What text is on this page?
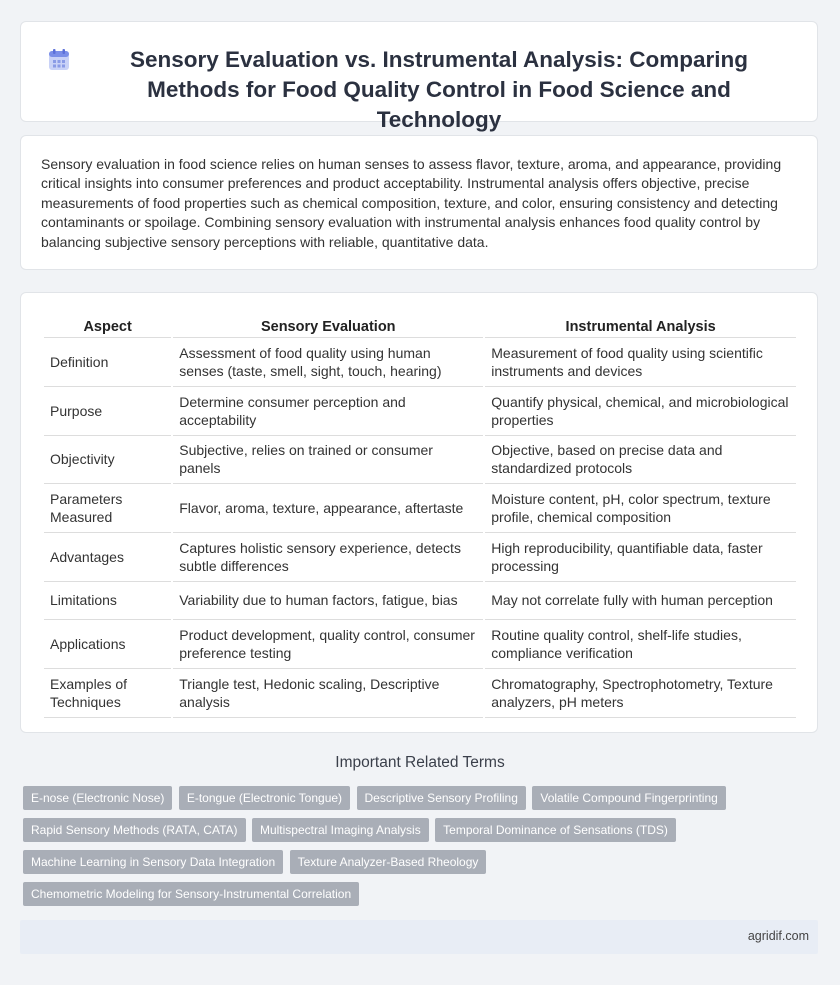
Sensory Evaluation vs. Instrumental Analysis: Comparing Methods for Food Quality Control in Food Science and Technology
Sensory evaluation in food science relies on human senses to assess flavor, texture, aroma, and appearance, providing critical insights into consumer preferences and product acceptability. Instrumental analysis offers objective, precise measurements of food properties such as chemical composition, texture, and color, ensuring consistency and detecting contaminants or spoilage. Combining sensory evaluation with instrumental analysis enhances food quality control by balancing subjective sensory perceptions with reliable, quantitative data.
Aspect	Sensory Evaluation	Instrumental Analysis
Definition	Assessment of food quality using human senses (taste, smell, sight, touch, hearing)	Measurement of food quality using scientific instruments and devices
Purpose	Determine consumer perception and acceptability	Quantify physical, chemical, and microbiological properties
Objectivity	Subjective, relies on trained or consumer panels	Objective, based on precise data and standardized protocols
Parameters Measured	Flavor, aroma, texture, appearance, aftertaste	Moisture content, pH, color spectrum, texture profile, chemical composition
Advantages	Captures holistic sensory experience, detects subtle differences	High reproducibility, quantifiable data, faster processing
Limitations	Variability due to human factors, fatigue, bias	May not correlate fully with human perception
Applications	Product development, quality control, consumer preference testing	Routine quality control, shelf-life studies, compliance verification
Examples of Techniques	Triangle test, Hedonic scaling, Descriptive analysis	Chromatography, Spectrophotometry, Texture analyzers, pH meters
Important Related Terms
E-nose (Electronic Nose) E-tongue (Electronic Tongue) Descriptive Sensory Profiling Volatile Compound Fingerprinting Rapid Sensory Methods (RATA, CATA) Multispectral Imaging Analysis Temporal Dominance of Sensations (TDS) Machine Learning in Sensory Data Integration Texture Analyzer-Based Rheology Chemometric Modeling for Sensory-Instrumental Correlation
agridif.com
